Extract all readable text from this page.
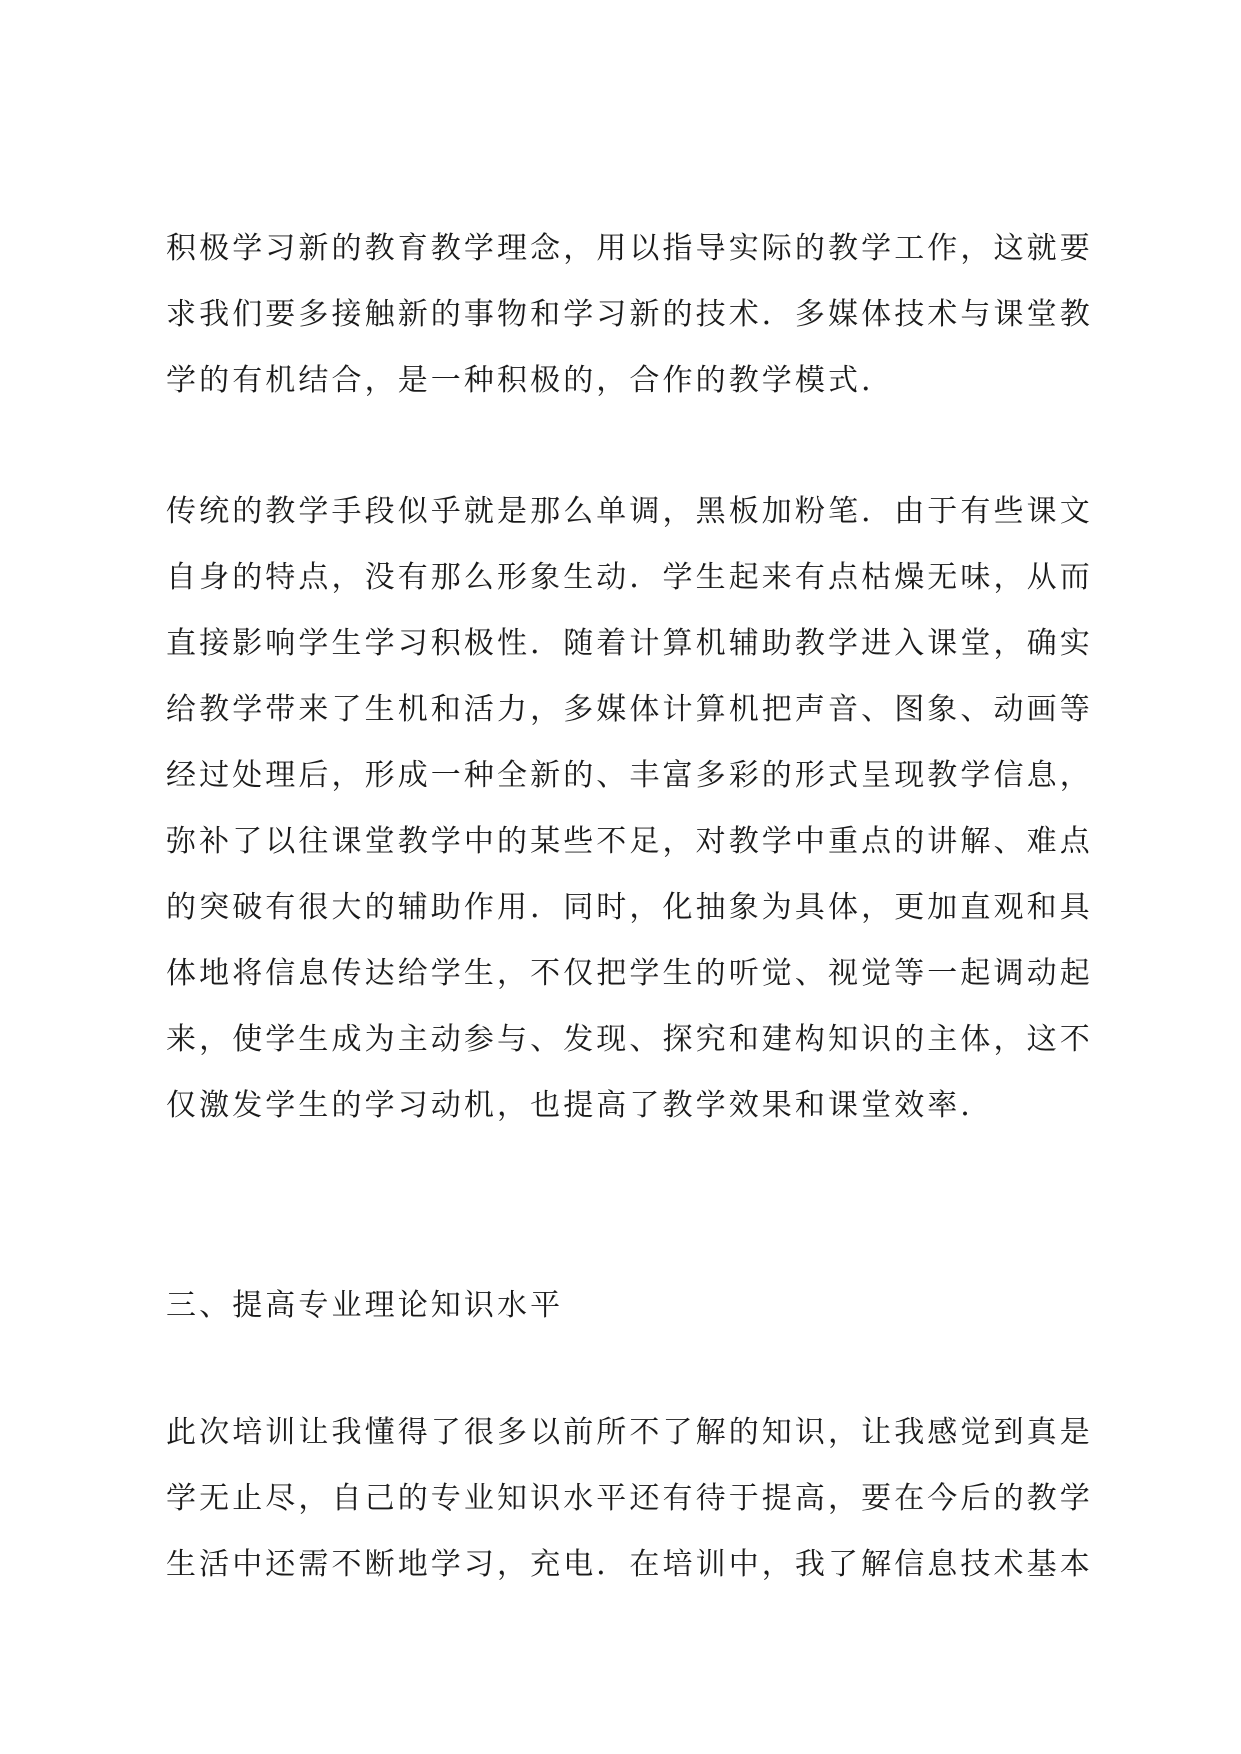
积极学习新的教育教学理念，用以指导实际的教学工作，这就要
求我们要多接触新的事物和学习新的技术．多媒体技术与课堂教
学的有机结合，是一种积极的，合作的教学模式．
传统的教学手段似乎就是那么单调，黑板加粉笔．由于有些课文
自身的特点，没有那么形象生动．学生起来有点枯燥无味，从而
直接影响学生学习积极性．随着计算机辅助教学进入课堂，确实
给教学带来了生机和活力，多媒体计算机把声音、图象、动画等
经过处理后，形成一种全新的、丰富多彩的形式呈现教学信息，
弥补了以往课堂教学中的某些不足，对教学中重点的讲解、难点
的突破有很大的辅助作用．同时，化抽象为具体，更加直观和具
体地将信息传达给学生，不仅把学生的听觉、视觉等一起调动起
来，使学生成为主动参与、发现、探究和建构知识的主体，这不
仅激发学生的学习动机，也提高了教学效果和课堂效率．
三、提高专业理论知识水平
此次培训让我懂得了很多以前所不了解的知识，让我感觉到真是
学无止尽，自己的专业知识水平还有待于提高，要在今后的教学
生活中还需不断地学习，充电．在培训中，我了解信息技术基本
